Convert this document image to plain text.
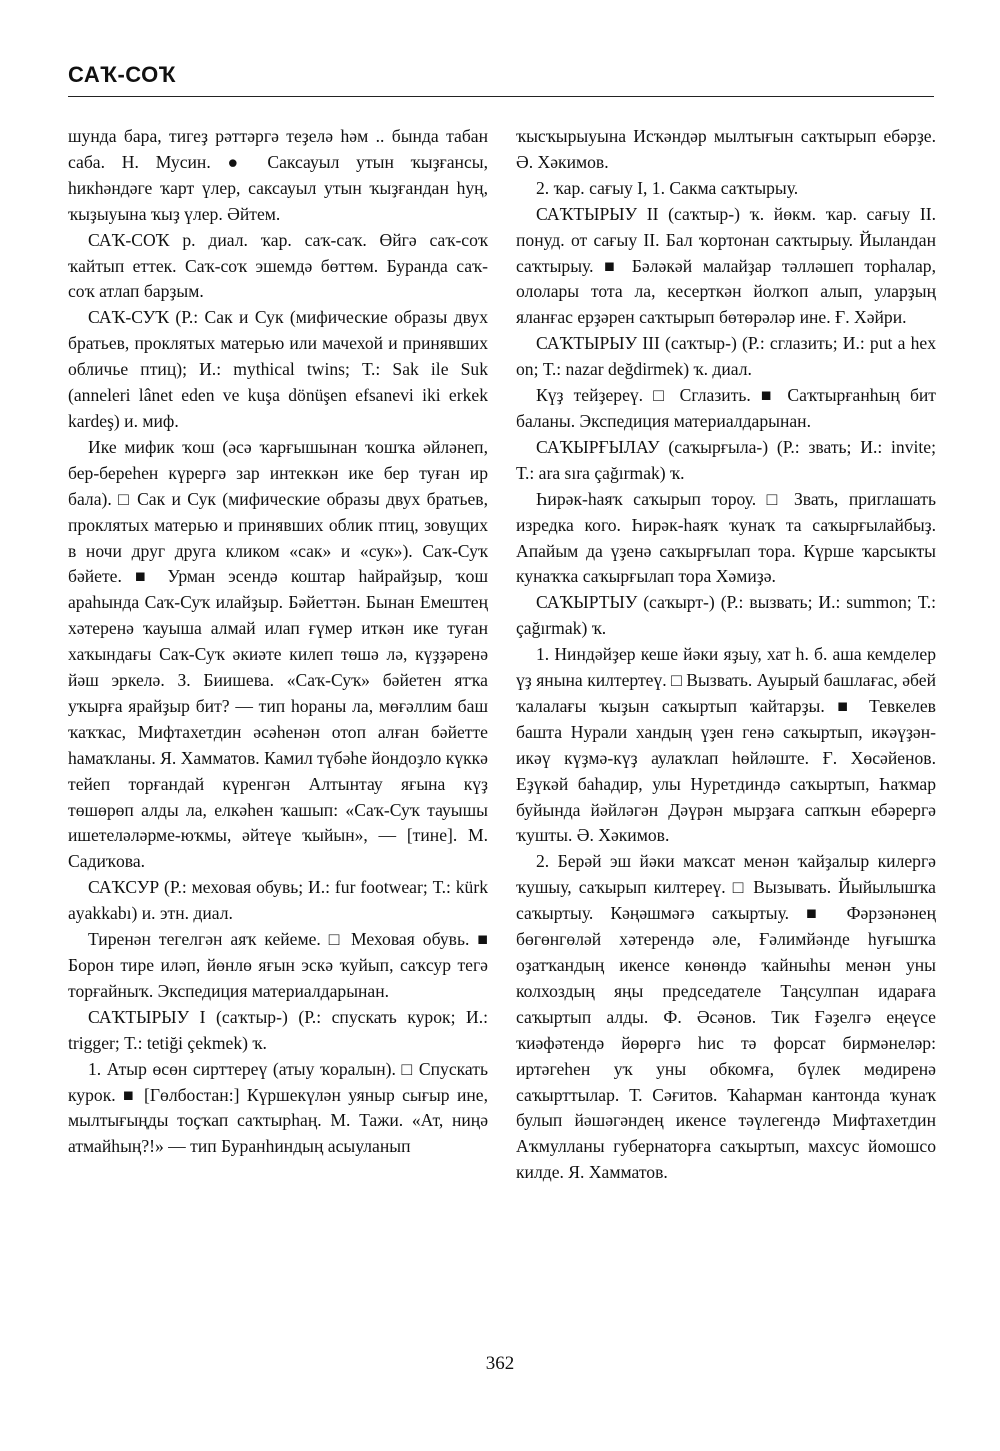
САҠ-СОҠ

шунда бара, тигеҙ рәттәргә теҙелә һәм .. бында табан саба. Н. Мусин. ● Саксауыл утын ҡыҙғансы, һикһәндәге ҡарт үлер, саксауыл утын ҡыҙғандан һуң, ҡыҙыуына ҡыҙ үлер. Әйтем.

САҠ-СОҠ р. диал. ҡар. саҡ-саҡ. Өйгә саҡ-соҡ ҡайтып еттек. Саҡ-соҡ эшемдә бөттөм. Буранда саҡ-соҡ атлап барҙым.

САҠ-СУҠ (Р.: Сак и Сук (мифические образы двух братьев, проклятых матерью или мачехой и принявших обличье птиц); И.: mythical twins; Т.: Sak ile Suk (anneleri lânet eden ve kuşa dönüşen efsanevi iki erkek kardeş) и. миф.

Ике мифик ҡош (әсә ҡарғышынан ҡошҡа әйләнеп, бер-береһен күрергә зар интеккән ике бер туған ир бала). □ Сак и Сук (мифические образы двух братьев, проклятых матерью и принявших облик птиц, зовущих в ночи друг друга кликом «сак» и «сук»). Саҡ-Суҡ бәйете. ■ Урман эсендә коштар һайрайҙыр, ҡош араһында Саҡ-Суҡ илайҙыр. Бәйеттән. Бынан Емештең хәтеренә ҡауыша алмай илап ғүмер иткән ике туған хаҡындағы Саҡ-Суҡ әкиәте килеп төшә лә, күҙҙәренә йәш эркелә. З. Биишева. «Саҡ-Суҡ» бәйетен ятҡа уҡырға ярайҙыр бит? — тип һораны ла, мөғәллим баш ҡаҡҡас, Мифтахетдин әсәһенән отоп алған бәйетте һамаҡланы. Я. Хамматов. Камил түбәһе йондоҙло күккә тейеп торғандай күренгән Алтынтау яғына күҙ төшөрөп алды ла, елкәһен ҡашып: «Саҡ-Суҡ тауышы ишетеләләрме-юҡмы, әйтеүе ҡыйын», — [тине]. М. Садиҡова.

САҠСУР (Р.: меховая обувь; И.: fur footwear; Т.: kürk ayakkabı) и. этн. диал.

Тиренән тегелгән аяҡ кейеме. □ Меховая обувь. ■ Борон тире иләп, йөнлө яғын эскә ҡуйып, саҡсур тегә торғайныҡ. Экспедиция материалдарынан.

САҠТЫРЫУ I (саҡтыр-) (Р.: спускать курок; И.: trigger; Т.: tetiği çekmek) ҡ.

1. Атыр өсөн сирттереү (атыу ҡоралын). □ Спускать курок. ■ [Гөлбостан:] Күршекүлән уяныр сығыр ине, мылтығыңды тоҫҡап саҡтырһаң. М. Тажи. «Ат, ниңә атмайһың?!» — тип Буранһиндың асыуланып

ҡысҡырыуына Исҡәндәр мылтығын саҡтырып ебәрҙе. Ә. Хәкимов.

2. ҡар. сағыу I, 1. Сакма саҡтырыу.

САҠТЫРЫУ II (саҡтыр-) ҡ. йөкм. ҡар. сағыу II. понуд. от сағыу II. Бал ҡортонан саҡтырыу. Йыландан саҡтырыу. ■ Бәләкәй малайҙар тәлләшеп торһалар, ололары тота ла, кесерткән йолҡоп алып, уларҙың яланғас ерҙәрен саҡтырып бөтөрәләр ине. Ғ. Хәйри.

САҠТЫРЫУ III (саҡтыр-) (Р.: сглазить; И.: put a hex on; Т.: nazar değdirmek) ҡ. диал.

Күҙ тейҙереү. □ Сглазить. ■ Саҡтырғанһың бит баланы. Экспедиция материалдарынан.

САҠЫРҒЫЛАУ (саҡырғыла-) (Р.: звать; И.: invite; Т.: ara sıra çağırmak) ҡ.

Һирәк-һаяҡ саҡырып тороу. □ Звать, приглашать изредка кого. Һирәк-һаяҡ ҡунаҡ та саҡырғылайбыҙ. Апайым да үҙенә саҡырғылап тора. Күрше ҡарсыкты кунаҡҡа саҡырғылап тора Хәмиҙә.

САҠЫРТЫУ (саҡырт-) (Р.: вызвать; И.: summon; Т.: çağırmak) ҡ.

1. Ниндәйҙер кеше йәки яҙыу, хат һ. б. аша кемделер үҙ янына килтертеү. □ Вызвать. Ауырый башлағас, әбей ҡалалағы ҡыҙын саҡыртып ҡайтарҙы. ■ Тевкелев башта Нурали хандың үҙен генә саҡыртып, икәүҙән-икәү күҙмә-күҙ аулаҡлап һөйләште. Ғ. Хөсәйенов. Еҙүкәй баһадир, улы Нуретдиндә саҡыртып, Һаҡмар буйында йәйләгән Дәүрән мырҙаға сапҡын ебәрергә ҡушты. Ә. Хәкимов.

2. Берәй эш йәки маҡсат менән ҡайҙалыр килергә ҡушыу, саҡырып килтереү. □ Вызывать. Йыйылышҡа саҡыртыу. Кәңәшмәгә саҡыртыу. ■ Фәрзәнәнең бөгөнгөләй хәтерендә әле, Ғәлимйәнде һуғышҡа оҙатҡандың икенсе көнөндә ҡайныһы менән уны колхоздың яңы председателе Таңсулпан идараға саҡыртып алды. Ф. Әсәнов. Тик Ғәҙелгә еңеүсе ҡиәфәтендә йөрөргә һис тә форсат бирмәнеләр: иртәгеһен уҡ уны обкомға, бүлек мөдиренә саҡырттылар. Т. Сәғитов. Ҡаһарман кантонда ҡунаҡ булып йәшәгәндең икенсе тәүлегендә Мифтахетдин Аҡмулланы губернаторға саҡыртып, махсус йомошсо килде. Я. Хамматов.

362
